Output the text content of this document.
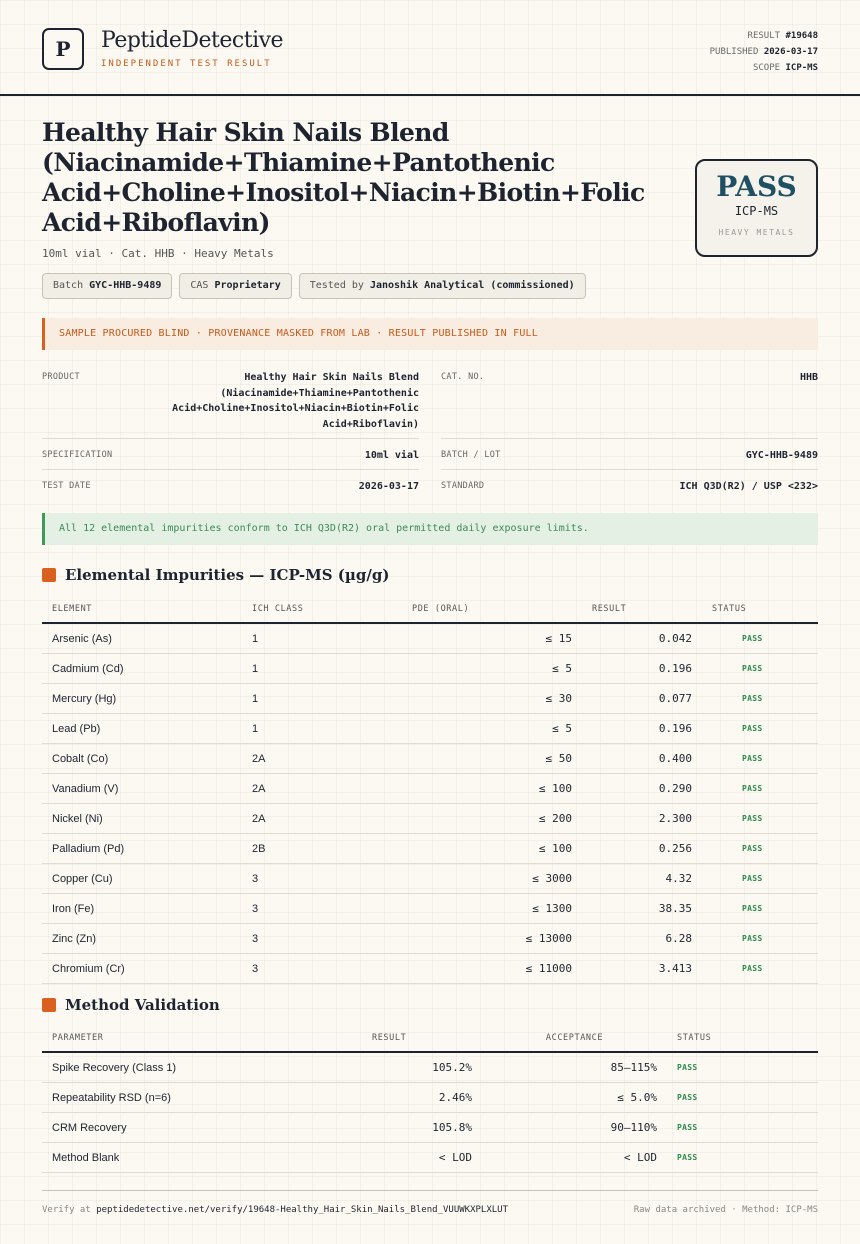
P	PeptideDetective
INDEPENDENT TEST RESULT
RESULT #19648
PUBLISHED 2026-03-17
SCOPE ICP-MS
Healthy Hair Skin Nails Blend (Niacinamide+Thiamine+Pantothenic Acid+Choline+Inositol+Niacin+Biotin+Folic Acid+Riboflavin)
10ml vial · Cat. HHB · Heavy Metals
PASS
ICP-MS
HEAVY METALS
Batch GYC-HHB-9489	CAS Proprietary	Tested by Janoshik Analytical (commissioned)
SAMPLE PROCURED BLIND · PROVENANCE MASKED FROM LAB · RESULT PUBLISHED IN FULL
PRODUCT	Healthy Hair Skin Nails Blend (Niacinamide+Thiamine+Pantothenic Acid+Choline+Inositol+Niacin+Biotin+Folic Acid+Riboflavin)
SPECIFICATION	10ml vial
TEST DATE	2026-03-17
CAT. NO.	HHB
BATCH / LOT	GYC-HHB-9489
STANDARD	ICH Q3D(R2) / USP <232>
All 12 elemental impurities conform to ICH Q3D(R2) oral permitted daily exposure limits.
Elemental Impurities — ICP-MS (µg/g)
ELEMENT	ICH CLASS	PDE (ORAL)	RESULT	STATUS
Arsenic (As)	1	≤ 15	0.042	PASS
Cadmium (Cd)	1	≤ 5	0.196	PASS
Mercury (Hg)	1	≤ 30	0.077	PASS
Lead (Pb)	1	≤ 5	0.196	PASS
Cobalt (Co)	2A	≤ 50	0.400	PASS
Vanadium (V)	2A	≤ 100	0.290	PASS
Nickel (Ni)	2A	≤ 200	2.300	PASS
Palladium (Pd)	2B	≤ 100	0.256	PASS
Copper (Cu)	3	≤ 3000	4.32	PASS
Iron (Fe)	3	≤ 1300	38.35	PASS
Zinc (Zn)	3	≤ 13000	6.28	PASS
Chromium (Cr)	3	≤ 11000	3.413	PASS
Method Validation
PARAMETER	RESULT	ACCEPTANCE	STATUS
Spike Recovery (Class 1)	105.2%	85–115%	PASS
Repeatability RSD (n=6)	2.46%	≤ 5.0%	PASS
CRM Recovery	105.8%	90–110%	PASS
Method Blank	< LOD	< LOD	PASS
Verify at peptidedetective.net/verify/19648-Healthy_Hair_Skin_Nails_Blend_VUUWKXPLXLUT	Raw data archived · Method: ICP-MS
